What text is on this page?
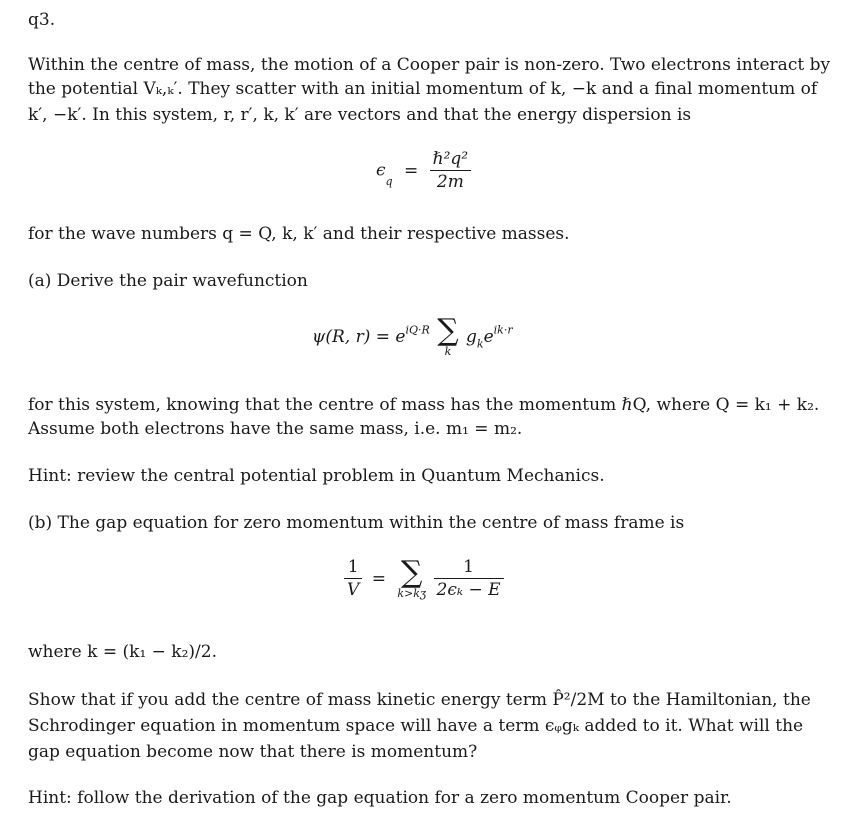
q3.
Within the centre of mass, the motion of a Cooper pair is non-zero. Two electrons interact by
the potential Vₖ,ₖ′. They scatter with an initial momentum of k, −k and a final momentum of
k′, −k′. In this system, r, r′, k, k′ are vectors and that the energy dispersion is
$\epsilon_q = \frac{\text{ℏ²q²}}{2m}$
for the wave numbers q = Q, k, k′ and their respective masses.
(a) Derive the pair wavefunction
ψ(R, $r) = e^{iQ\cdot R}$ ∑
k
$g_ke^{ik\cdot r}$
for this system, knowing that the centre of mass has the momentum ℏQ, where Q = k₁ + k₂.
Assume both electrons have the same mass, i.e. m₁ = m₂.
Hint: review the central potential problem in Quantum Mechanics.
(b) The gap equation for zero momentum within the centre of mass frame is
$\frac{1}{V}$ = ∑
k>kʒ
$\frac{1}{\text{2ϵₖ − E}}$
where k = (k₁ − k₂)/2.
Show that if you add the centre of mass kinetic energy term P̂²/2M to the Hamiltonian, the
Schrodinger equation in momentum space will have a term ϵᵩgₖ added to it. What will the
gap equation become now that there is momentum?
Hint: follow the derivation of the gap equation for a zero momentum Cooper pair.
